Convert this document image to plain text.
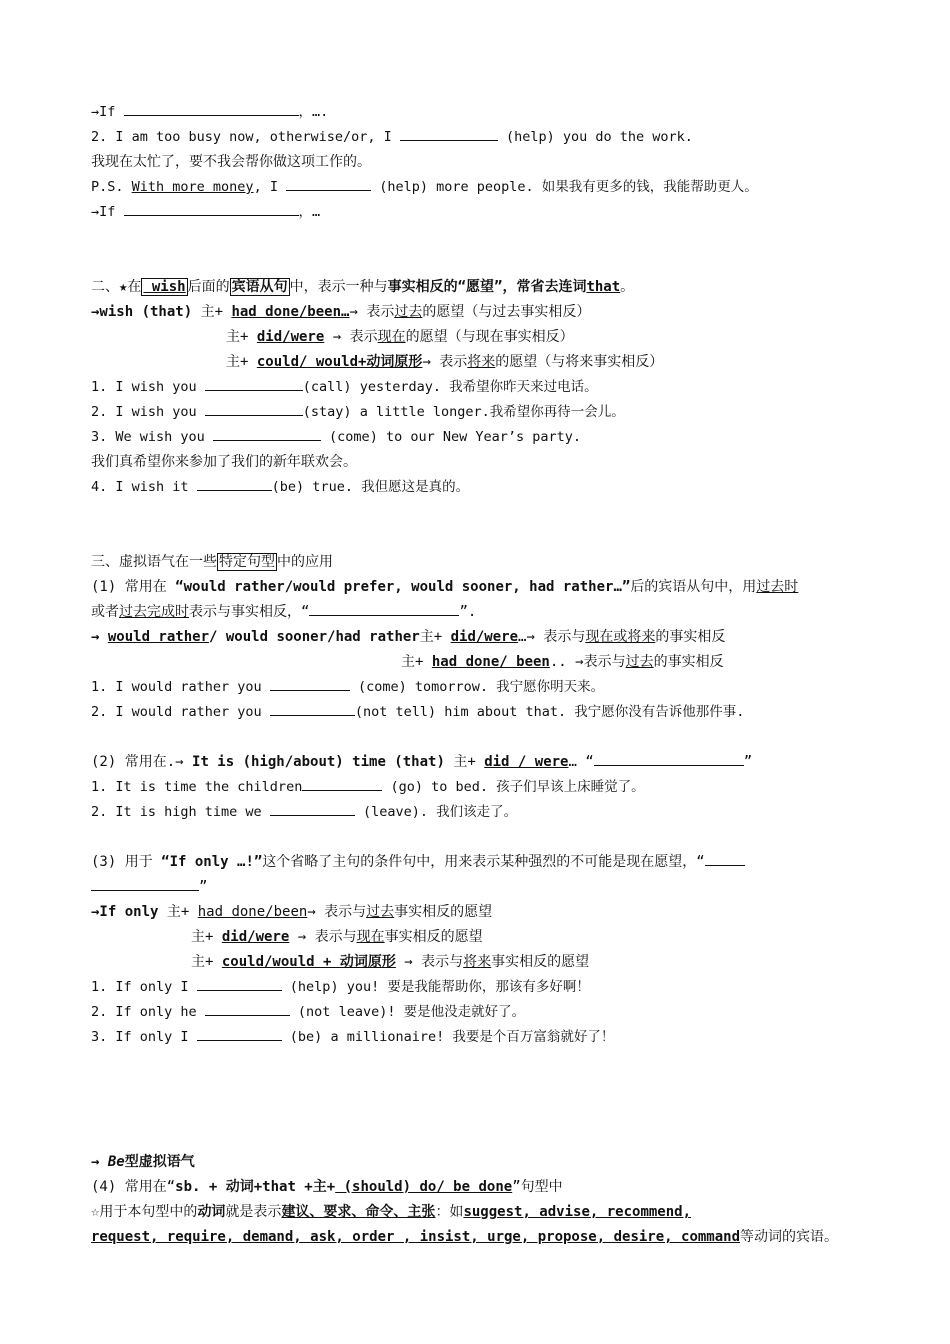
→If	，….
2. I am too busy now, otherwise/or, I	(help) you do the work.
我现在太忙了，要不我会帮你做这项工作的。
P.S. With more money, I	(help) more people. 如果我有更多的钱，我能帮助更人。
→If	，…
二、★在 wish 后面的 宾语从句 中，表示一种与事实相反的“愿望”，常省去连词that。
→wish (that) 主+ had done/been…→ 表示过去的愿望（与过去事实相反）
主+ did/were → 表示现在的愿望（与现在事实相反）
主+ could/ would+动词原形→ 表示将来的愿望（与将来事实相反）
1. I wish you	(call) yesterday. 我希望你昨天来过电话。
2. I wish you	(stay) a little longer.我希望你再待一会儿。
3. We wish you	(come) to our New Year’s party.
我们真希望你来参加了我们的新年联欢会。
4. I wish it	(be) true. 我但愿这是真的。
三、虚拟语气在一些 特定句型 中的应用
(1) 常用在 “would rather/would prefer, would sooner, had rather…”后的宾语从句中，用过去时
或者过去完成时表示与事实相反，“	”.
→ would rather/ would sooner/had rather主+ did/were…→ 表示与现在或将来的事实相反
主+ had done/ been.. →表示与过去的事实相反
1. I would rather you	(come) tomorrow. 我宁愿你明天来。
2. I would rather you	(not tell) him about that. 我宁愿你没有告诉他那件事.
(2) 常用在.→ It is (high/about) time (that) 主+ did / were… “	”
1. It is time the children	(go) to bed. 孩子们早该上床睡觉了。
2. It is high time we	(leave). 我们该走了。
(3) 用于 “If only …!”这个省略了主句的条件句中，用来表示某种强烈的不可能是现在愿望，“
”
→If only 主+ had done/been→ 表示与过去事实相反的愿望
主+ did/were → 表示与现在事实相反的愿望
主+ could/would + 动词原形 → 表示与将来事实相反的愿望
1. If only I	(help) you! 要是我能帮助你，那该有多好啊！
2. If only he	(not leave)! 要是他没走就好了。
3. If only I	(be) a millionaire! 我要是个百万富翁就好了！
→ Be型虚拟语气
(4) 常用在“sb. + 动词+that +主+ (should) do/ be done”句型中
☆用于本句型中的动词就是表示建议、要求、命令、主张：如suggest, advise, recommend,
request, require, demand, ask, order , insist, urge, propose, desire, command等动词的宾语。
